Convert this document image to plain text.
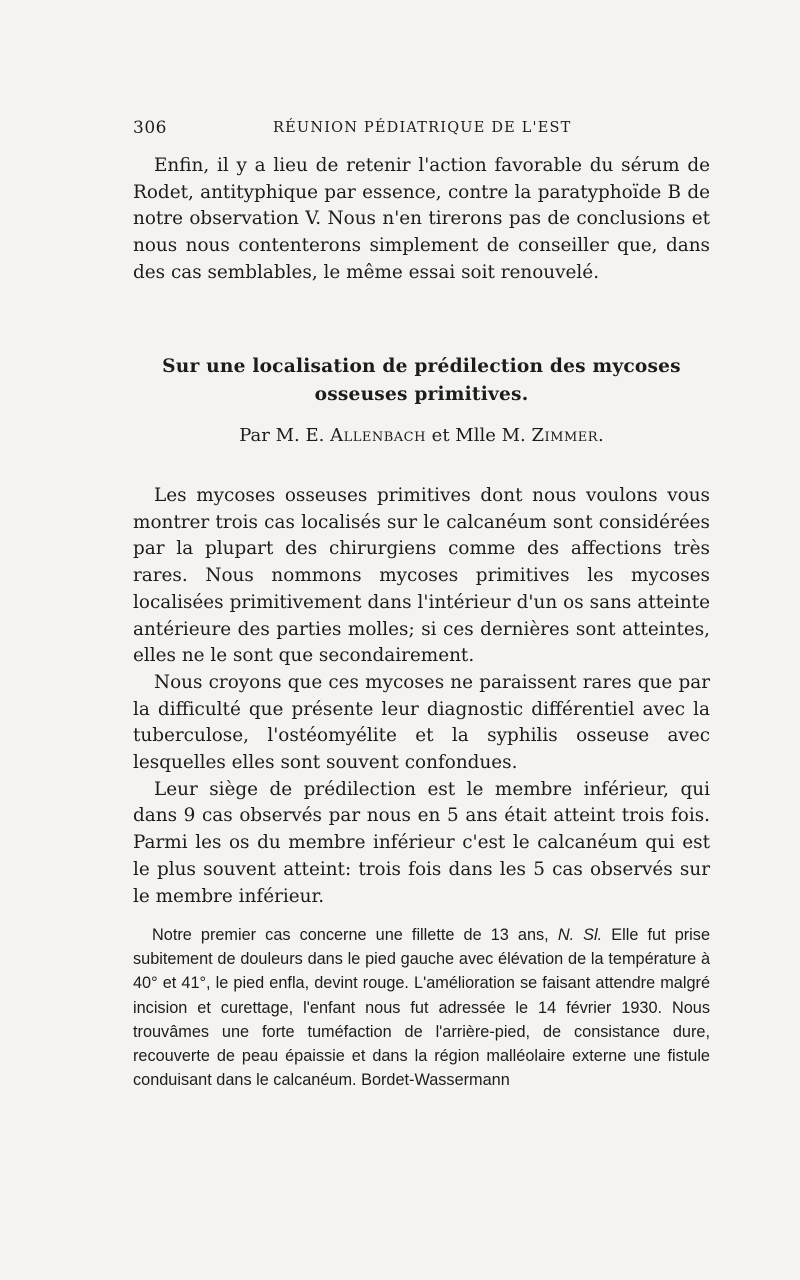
306	RÉUNION PÉDIATRIQUE DE L'EST

Enfin, il y a lieu de retenir l'action favorable du sérum de Rodet, antityphique par essence, contre la paratyphoïde B de notre observation V. Nous n'en tirerons pas de conclusions et nous nous contenterons simplement de conseiller que, dans des cas semblables, le même essai soit renouvelé.

Sur une localisation de prédilection des mycoses osseuses primitives.
Par M. E. Allenbach et Mlle M. Zimmer.

Les mycoses osseuses primitives dont nous voulons vous montrer trois cas localisés sur le calcanéum sont considérées par la plupart des chirurgiens comme des affections très rares. Nous nommons mycoses primitives les mycoses localisées primitivement dans l'intérieur d'un os sans atteinte antérieure des parties molles; si ces dernières sont atteintes, elles ne le sont que secondairement.

Nous croyons que ces mycoses ne paraissent rares que par la difficulté que présente leur diagnostic différentiel avec la tuberculose, l'ostéomyélite et la syphilis osseuse avec lesquelles elles sont souvent confondues.

Leur siège de prédilection est le membre inférieur, qui dans 9 cas observés par nous en 5 ans était atteint trois fois. Parmi les os du membre inférieur c'est le calcanéum qui est le plus souvent atteint: trois fois dans les 5 cas observés sur le membre inférieur.

Notre premier cas concerne une fillette de 13 ans, N. Sl. Elle fut prise subitement de douleurs dans le pied gauche avec élévation de la température à 40° et 41°, le pied enfla, devint rouge. L'amélioration se faisant attendre malgré incision et curettage, l'enfant nous fut adressée le 14 février 1930. Nous trouvâmes une forte tuméfaction de l'arrière-pied, de consistance dure, recouverte de peau épaissie et dans la région malléolaire externe une fistule conduisant dans le calcanéum. Bordet-Wassermann
